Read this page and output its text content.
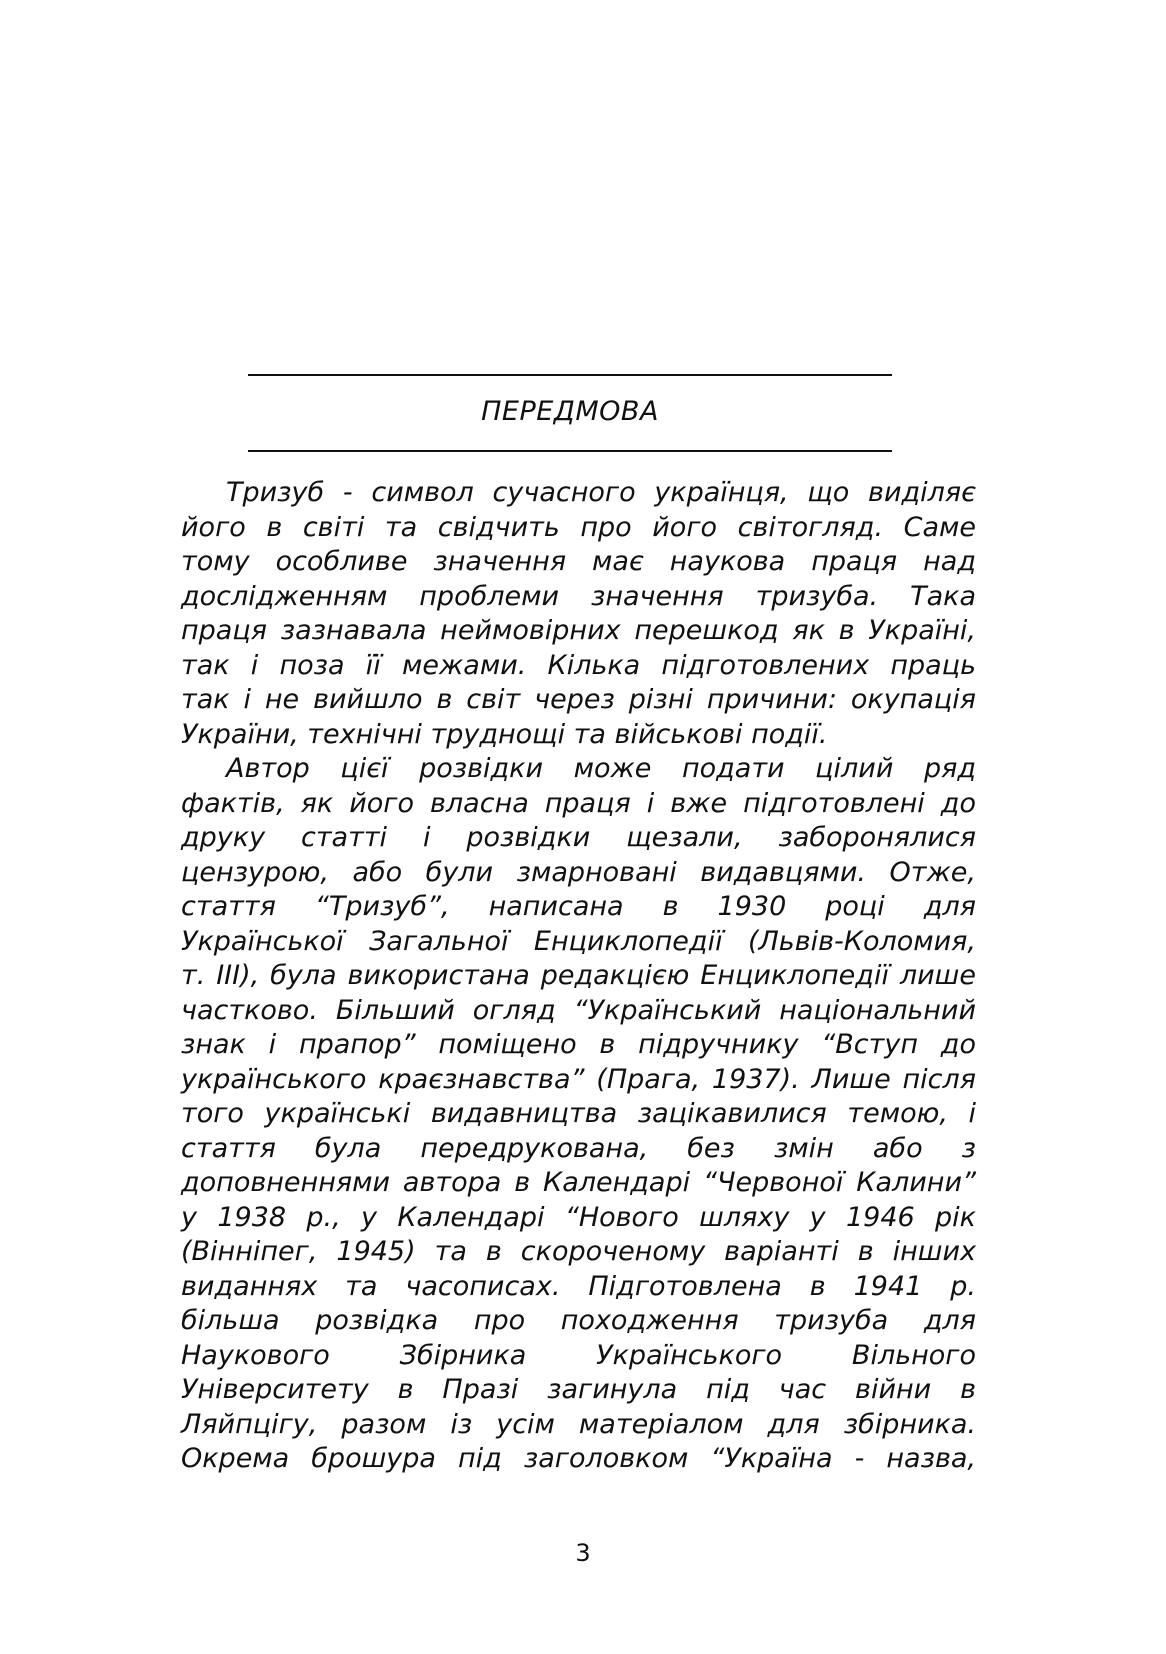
ПЕРЕДМОВА
Тризуб - символ сучасного українця, що виділяє
його в світі та свідчить про його світогляд. Саме
тому особливе значення має наукова праця над
дослідженням проблеми значення тризуба. Така
праця зазнавала неймовірних перешкод як в Україні,
так і поза її межами. Кілька підготовлених праць
так і не вийшло в світ через різні причини: окупація
України, технічні труднощі та військові події.
Автор цієї розвідки може подати цілий ряд
фактів, як його власна праця і вже підготовлені до
друку статті і розвідки щезали, заборонялися
цензурою, або були змарновані видавцями. Отже,
стаття “Тризуб”, написана в 1930 році для
Української Загальної Енциклопедії (Львів-Коломия,
т. III), була використана редакцією Енциклопедії лише
частково. Більший огляд “Український національний
знак і прапор” поміщено в підручнику “Вступ до
українського краєзнавства” (Прага, 1937). Лише після
того українські видавництва зацікавилися темою, і
стаття була передрукована, без змін або з
доповненнями автора в Календарі “Червоної Калини”
у 1938 р., у Календарі “Нового шляху у 1946 рік
(Вінніпег, 1945) та в скороченому варіанті в інших
виданнях та часописах. Підготовлена в 1941 р.
більша розвідка про походження тризуба для
Наукового Збірника Українського Вільного
Університету в Празі загинула під час війни в
Ляйпцігу, разом із усім матеріалом для збірника.
Окрема брошура під заголовком “Україна - назва,
3
